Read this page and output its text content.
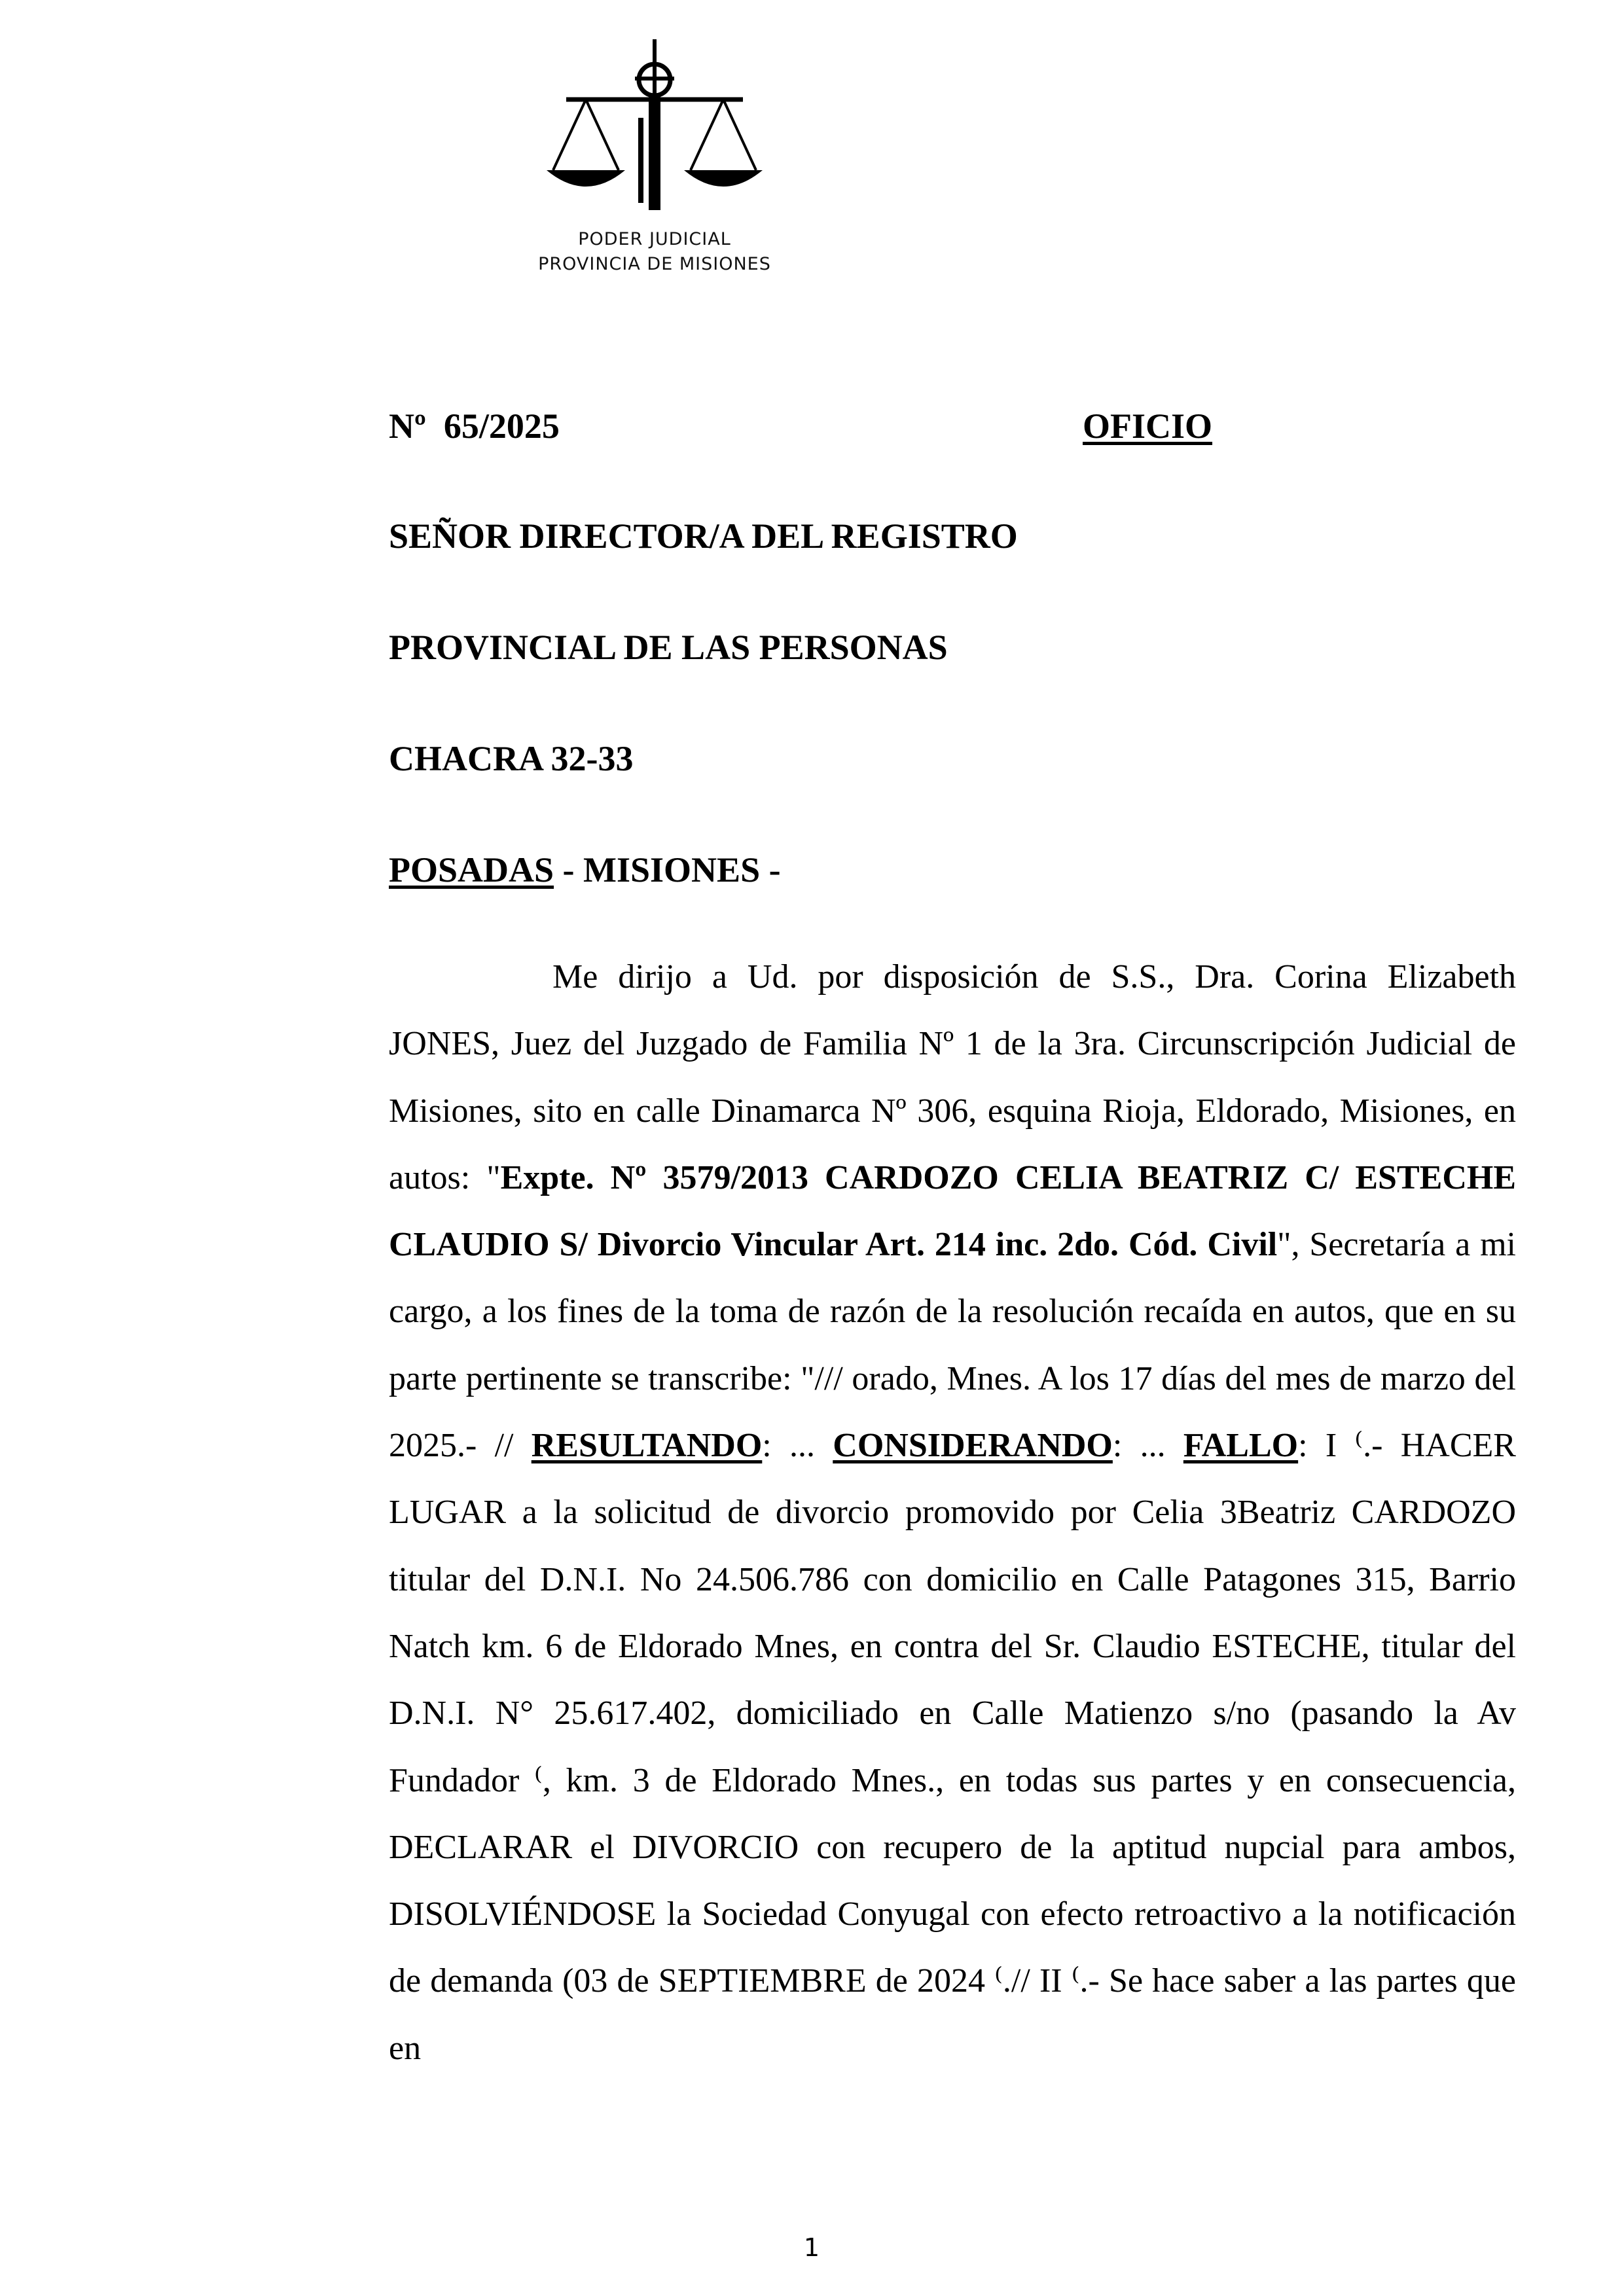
PODER JUDICIAL
PROVINCIA DE MISIONES
Nº 65/2025	OFICIO
SEÑOR DIRECTOR/A DEL REGISTRO
PROVINCIAL DE LAS PERSONAS
CHACRA 32-33
POSADAS - MISIONES -

Me dirijo a Ud. por disposición de S.S., Dra. Corina Elizabeth JONES, Juez del Juzgado de Familia Nº 1 de la 3ra. Circunscripción Judicial de Misiones, sito en calle Dinamarca Nº 306, esquina Rioja, Eldorado, Misiones, en autos: "Expte. Nº 3579/2013 CARDOZO CELIA BEATRIZ C/ ESTECHE CLAUDIO S/ Divorcio Vincular Art. 214 inc. 2do. Cód. Civil", Secretaría a mi cargo, a los fines de la toma de razón de la resolución recaída en autos, que en su parte pertinente se transcribe: "/// orado, Mnes. A los 17 días del mes de marzo del 2025.- // RESULTANDO: ... CONSIDERANDO: ... FALLO: I ⁽.- HACER LUGAR a la solicitud de divorcio promovido por Celia 3Beatriz CARDOZO titular del D.N.I. No 24.506.786 con domicilio en Calle Patagones 315, Barrio Natch km. 6 de Eldorado Mnes, en contra del Sr. Claudio ESTECHE, titular del D.N.I. N° 25.617.402, domiciliado en Calle Matienzo s/no (pasando la Av Fundador ⁽, km. 3 de Eldorado Mnes., en todas sus partes y en consecuencia, DECLARAR el DIVORCIO con recupero de la aptitud nupcial para ambos, DISOLVIÉNDOSE la Sociedad Conyugal con efecto retroactivo a la notificación de demanda (03 de SEPTIEMBRE de 2024 ⁽.// II ⁽.- Se hace saber a las partes que en

1
